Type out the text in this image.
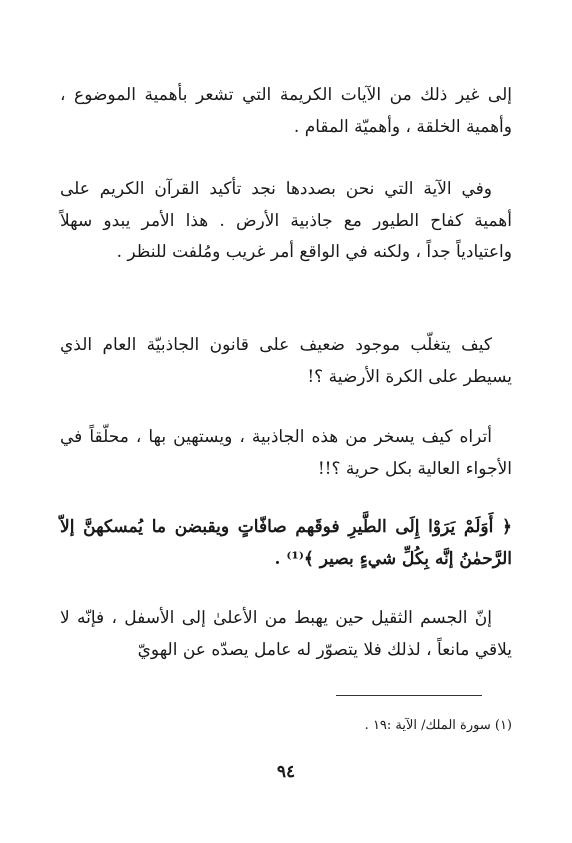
إلى غير ذلك من الآيات الكريمة التي تشعر بأهمية الموضوع ، وأهمية الخلقة ، وأهميّة المقام .

وفي الآية التي نحن بصددها نجد تأكيد القرآن الكريم على أهمية كفاح الطيور مع جاذبية الأرض . هذا الأمر يبدو سهلاً واعتيادياً جداً ، ولكنه في الواقع أمر غريب ومُلفت للنظر .

كيف يتغلّب موجود ضعيف على قانون الجاذبيّة العام الذي يسيطر على الكرة الأرضية ؟!

أتراه كيف يسخر من هذه الجاذبية ، ويستهين بها ، محلّقاً في الأجواء العالية بكل حرية ؟!!

﴿ أَوَلَمْ يَرَوْا إِلَى الطَّيرِ فوقَهم صافّاتٍ ويقبضن ما يُمسكهنَّ إلاّ الرَّحمٰنُ إنَّه بِكُلِّ شيءٍ بصير ﴾⁽¹⁾ .

إنّ الجسم الثقيل حين يهبط من الأعلىٰ إلى الأسفل ، فإنّه لا يلاقي مانعاً ، لذلك فلا يتصوّر له عامل يصدّه عن الهويّ

(١) سورة الملك/ الآية :١٩ .
٩٤
